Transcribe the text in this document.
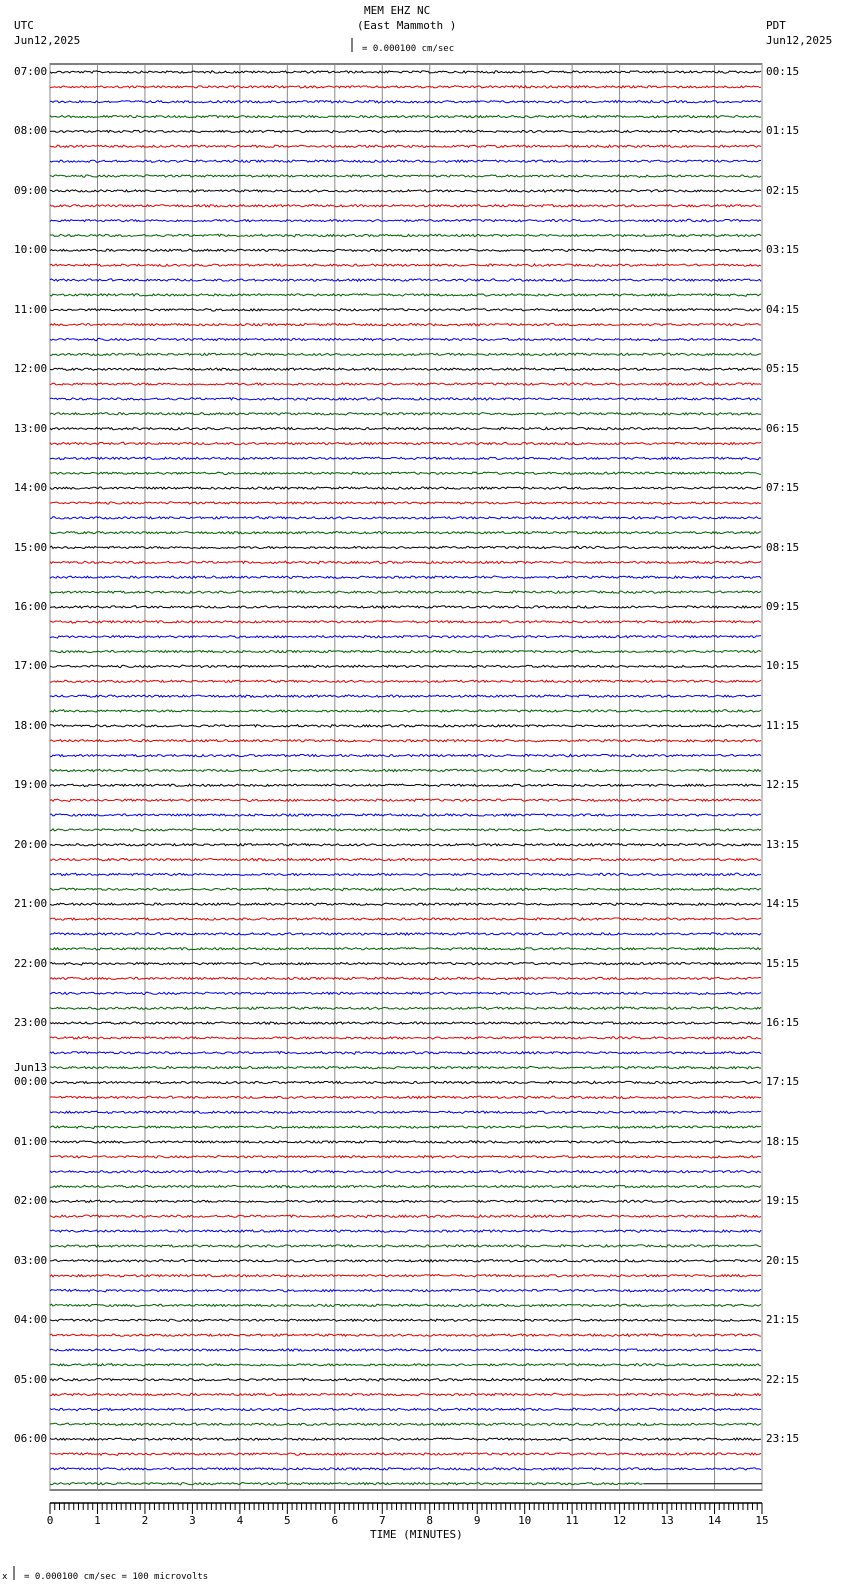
MEM EHZ NC
(East Mammoth )
UTC
Jun12,2025
PDT
Jun12,2025
= 0.000100 cm/sec
TIME (MINUTES)
x = 0.000100 cm/sec = 100 microvolts
0	1	2	3	4	5	6	7	8	9	10	11	12	13	14	15
07:00
08:00
09:00
10:00
11:00
12:00
13:00
14:00
15:00
16:00
17:00
18:00
19:00
20:00
21:00
22:00
23:00
00:00
01:00
02:00
03:00
04:00
05:00
06:00
00:15
01:15
02:15
03:15
04:15
05:15
06:15
07:15
08:15
09:15
10:15
11:15
12:15
13:15
14:15
15:15
16:15
17:15
18:15
19:15
20:15
21:15
22:15
23:15
Jun13
